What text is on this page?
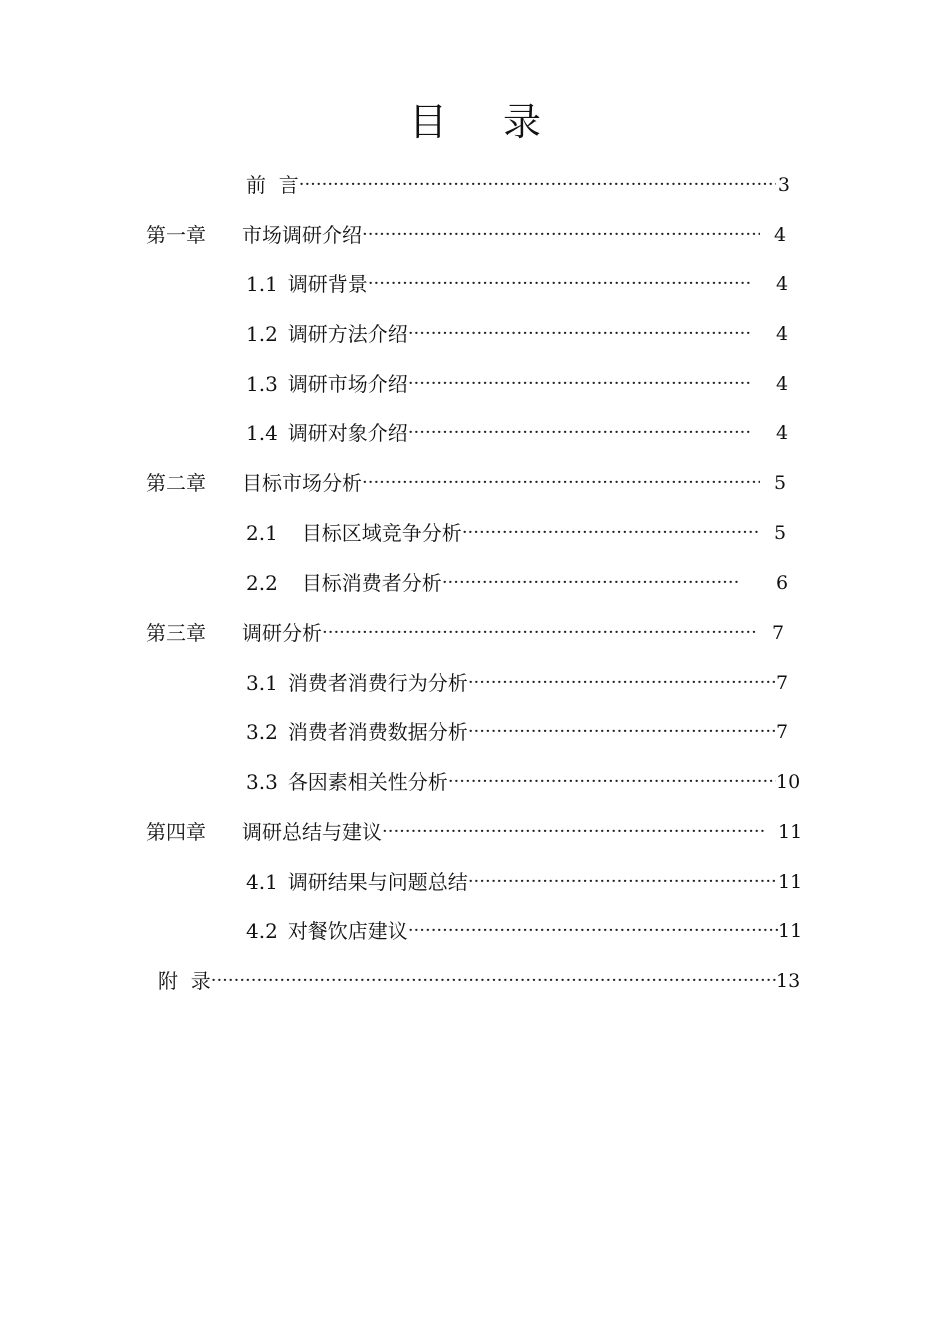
目 录
前  言 ·····	3
第一章	市场调研介绍 ·····	4
1.1 调研背景 ·····	4
1.2 调研方法介绍 ·····	4
1.3 调研市场介绍 ·····	4
1.4 调研对象介绍 ·····	4
第二章	目标市场分析 ·····	5
2.1 目标区域竞争分析 ·····	5
2.2 目标消费者分析 ·····	6
第三章	调研分析 ·····	7
3.1 消费者消费行为分析 ·····	7
3.2 消费者消费数据分析 ·····	7
3.3 各因素相关性分析 ·····	10
第四章	调研总结与建议 ·····	11
4.1 调研结果与问题总结 ·····	11
4.2 对餐饮店建议 ·····	11
附  录 ·····	13
